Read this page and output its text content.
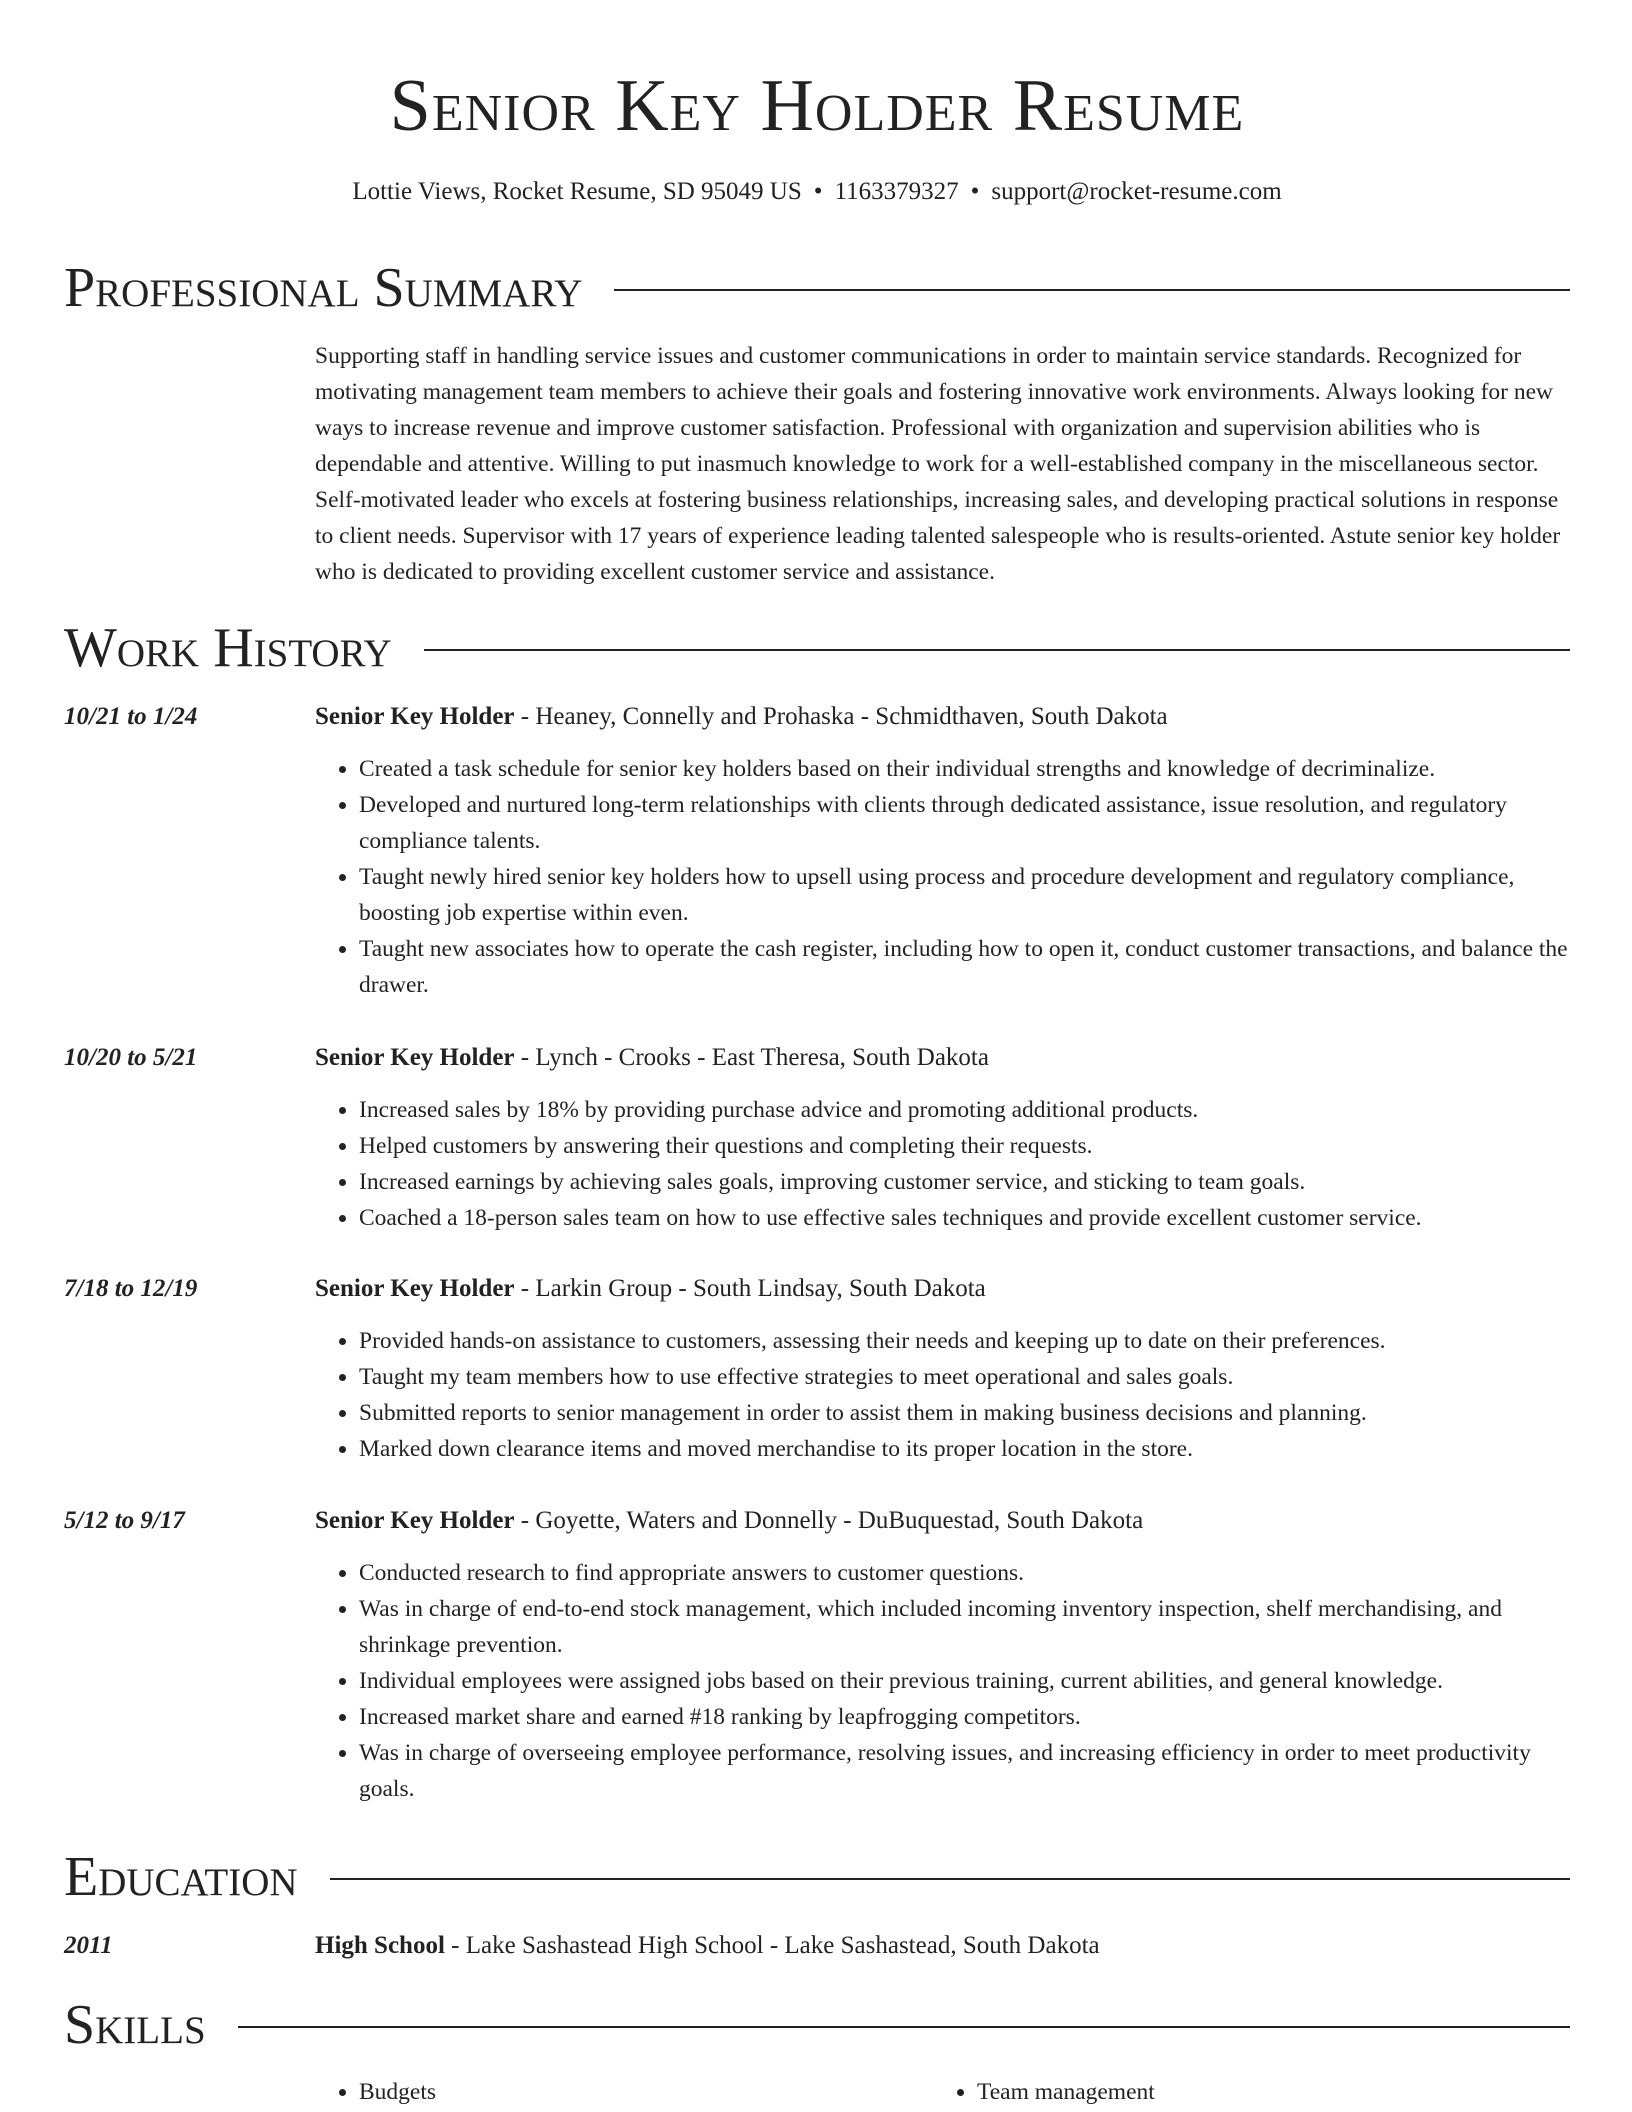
Senior Key Holder Resume
Lottie Views, Rocket Resume, SD 95049 US • 1163379327 • support@rocket-resume.com
Professional Summary

Supporting staff in handling service issues and customer communications in order to maintain service standards. Recognized for motivating management team members to achieve their goals and fostering innovative work environments. Always looking for new ways to increase revenue and improve customer satisfaction. Professional with organization and supervision abilities who is dependable and attentive. Willing to put inasmuch knowledge to work for a well-established company in the miscellaneous sector. Self-motivated leader who excels at fostering business relationships, increasing sales, and developing practical solutions in response to client needs. Supervisor with 17 years of experience leading talented salespeople who is results-oriented. Astute senior key holder who is dedicated to providing excellent customer service and assistance.

Work History
10/21 to 1/24	Senior Key Holder - Heaney, Connelly and Prohaska - Schmidthaven, South Dakota
• Created a task schedule for senior key holders based on their individual strengths and knowledge of decriminalize.
• Developed and nurtured long-term relationships with clients through dedicated assistance, issue resolution, and regulatory compliance talents.
• Taught newly hired senior key holders how to upsell using process and procedure development and regulatory compliance, boosting job expertise within even.
• Taught new associates how to operate the cash register, including how to open it, conduct customer transactions, and balance the drawer.
10/20 to 5/21	Senior Key Holder - Lynch - Crooks - East Theresa, South Dakota
• Increased sales by 18% by providing purchase advice and promoting additional products.
• Helped customers by answering their questions and completing their requests.
• Increased earnings by achieving sales goals, improving customer service, and sticking to team goals.
• Coached a 18-person sales team on how to use effective sales techniques and provide excellent customer service.
7/18 to 12/19	Senior Key Holder - Larkin Group - South Lindsay, South Dakota
• Provided hands-on assistance to customers, assessing their needs and keeping up to date on their preferences.
• Taught my team members how to use effective strategies to meet operational and sales goals.
• Submitted reports to senior management in order to assist them in making business decisions and planning.
• Marked down clearance items and moved merchandise to its proper location in the store.
5/12 to 9/17	Senior Key Holder - Goyette, Waters and Donnelly - DuBuquestad, South Dakota
• Conducted research to find appropriate answers to customer questions.
• Was in charge of end-to-end stock management, which included incoming inventory inspection, shelf merchandising, and shrinkage prevention.
• Individual employees were assigned jobs based on their previous training, current abilities, and general knowledge.
• Increased market share and earned #18 ranking by leapfrogging competitors.
• Was in charge of overseeing employee performance, resolving issues, and increasing efficiency in order to meet productivity goals.
Education
2011	High School - Lake Sashastead High School - Lake Sashastead, South Dakota
Skills
• Budgets
•	Team management
